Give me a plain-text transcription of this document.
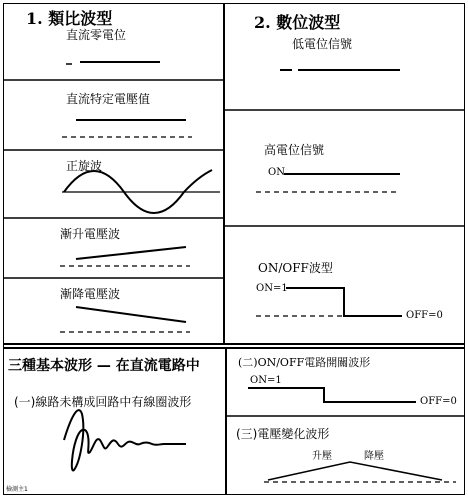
1. 類比波型	2. 數位波型
三種基本波形 — 在直流電路中
直流零電位
直流特定電壓值
正旋波
漸升電壓波
漸降電壓波
低電位信號
高電位信號
ON
ON/OFF波型
ON=1
OFF=0
(一)線路未構成回路中有線圈波形
檢測主1
(二)ON/OFF電路開關波形
ON=1
OFF=0
(三)電壓變化波形
升壓	降壓
